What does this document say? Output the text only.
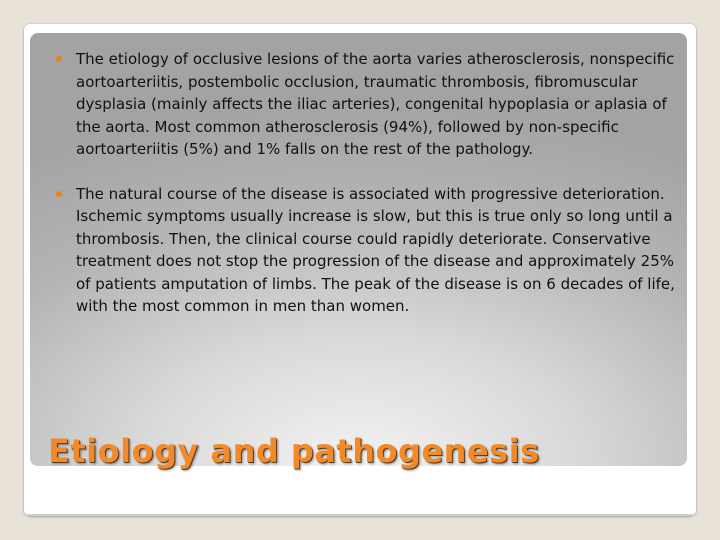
The etiology of occlusive lesions of the aorta varies atherosclerosis, nonspecific aortoarteriitis, postembolic occlusion, traumatic thrombosis, fibromuscular dysplasia (mainly affects the iliac arteries), congenital hypoplasia or aplasia of the aorta. Most common atherosclerosis (94%), followed by non-specific aortoarteriitis (5%) and 1% falls on the rest of the pathology.
The natural course of the disease is associated with progressive deterioration. Ischemic symptoms usually increase is slow, but this is true only so long until a thrombosis. Then, the clinical course could rapidly deteriorate. Conservative treatment does not stop the progression of the disease and approximately 25% of patients amputation of limbs. The peak of the disease is on 6 decades of life, with the most common in men than women.
Etiology and pathogenesis
